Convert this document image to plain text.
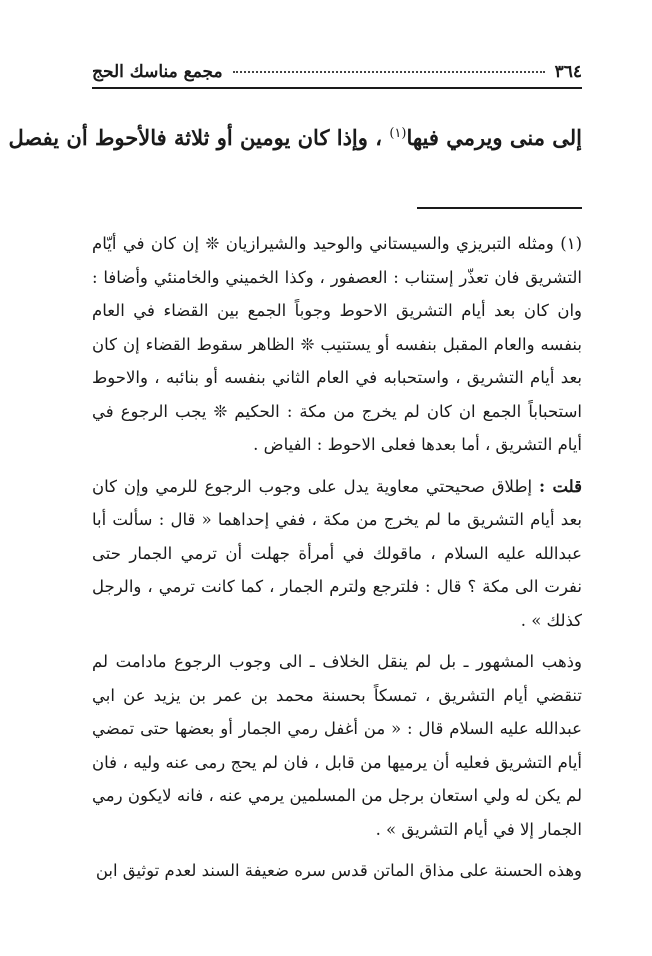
٣٦٤
مجمع مناسك الحج
إلى منى ويرمي فيها$^{(١)}$ ، وإذا كان يومين أو ثلاثة فالأحوط أن يفصل

(١) ومثله التبريزي والسيستاني والوحيد والشيرازيان ❊ إن كان في أيّام التشريق فان تعذّر إستناب : العصفور ، وكذا الخميني والخامنئي وأضافا : وان كان بعد أيام التشريق الاحوط وجوباً الجمع بين القضاء في العام بنفسه والعام المقبل بنفسه أو يستنيب ❊ الظاهر سقوط القضاء إن كان بعد أيام التشريق ، واستحبابه في العام الثاني بنفسه أو بنائبه ، والاحوط استحباباً الجمع ان كان لم يخرج من مكة : الحكيم ❊ يجب الرجوع في أيام التشريق ، أما بعدها فعلى الاحوط : الفياض .

قلت : إطلاق صحيحتي معاوية يدل على وجوب الرجوع للرمي وإن كان بعد أيام التشريق ما لم يخرج من مكة ، ففي إحداهما « قال : سألت أبا عبدالله عليه السلام ، ماقولك في أمرأة جهلت أن ترمي الجمار حتى نفرت الى مكة ؟ قال : فلترجع ولترم الجمار ، كما كانت ترمي ، والرجل كذلك » .

وذهب المشهور ـ بل لم ينقل الخلاف ـ الى وجوب الرجوع مادامت لم تنقضي أيام التشريق ، تمسكاً بحسنة محمد بن عمر بن يزيد عن ابي عبدالله عليه السلام قال : « من أغفل رمي الجمار أو بعضها حتى تمضي أيام التشريق فعليه أن يرميها من قابل ، فان لم يحج رمى عنه وليه ، فان لم يكن له ولي استعان برجل من المسلمين يرمي عنه ، فانه لايكون رمي الجمار إلا في أيام التشريق » .

وهذه الحسنة على مذاق الماتن قدس سره ضعيفة السند لعدم توثيق ابن
